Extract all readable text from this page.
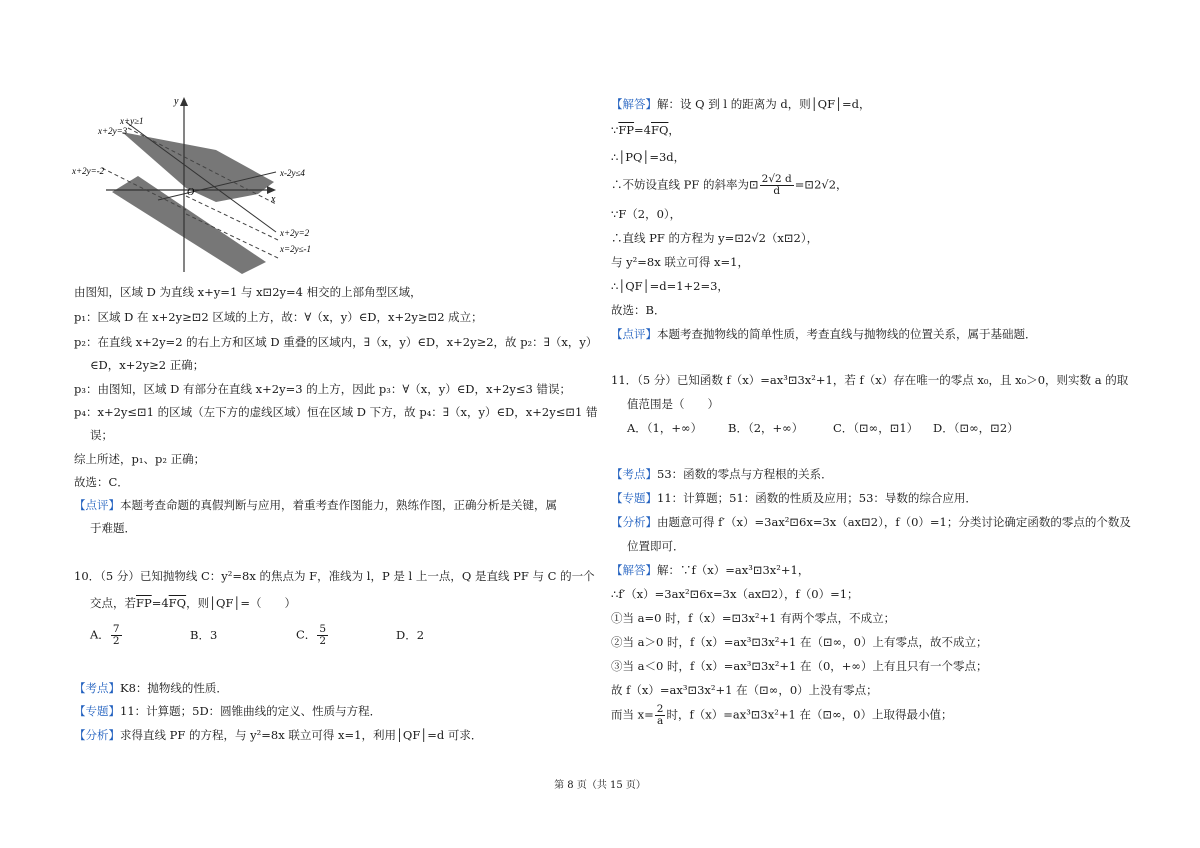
y
x
O
x+y≥1
x+2y=3
x+2y=-2	x-2y≤4
x+2y=2
x=2y≤-1
由图知，区域 D 为直线 x+y=1 与 x⊡2y=4 相交的上部角型区域，
p₁：区域 D 在 x+2y≥⊡2 区域的上方，故：∀（x，y）∈D，x+2y≥⊡2 成立；
p₂：在直线 x+2y=2 的右上方和区域 D 重叠的区域内，∃（x，y）∈D，x+2y≥2，故 p₂：∃（x，y）
∈D，x+2y≥2 正确；
p₃：由图知，区域 D 有部分在直线 x+2y=3 的上方，因此 p₃：∀（x，y）∈D，x+2y≤3 错误；
p₄：x+2y≤⊡1 的区域（左下方的虚线区域）恒在区域 D 下方，故 p₄：∃（x，y）∈D，x+2y≤⊡1 错
误；
综上所述，p₁、p₂ 正确；
故选：C．
【点评】本题考查命题的真假判断与应用，着重考查作图能力，熟练作图，正确分析是关键，属
于难题．
10．（5 分）已知抛物线 C：y²=8x 的焦点为 F，准线为 l，P 是 l 上一点，Q 是直线 PF 与 C 的一个
交点，若$\overline{FP}=4\overline{FQ}$，则│QF│=（　　）
A． $\frac{7}{2}$	B．3	C． $\frac{5}{2}$	D．2
【考点】K8：抛物线的性质．
【专题】11：计算题；5D：圆锥曲线的定义、性质与方程．
【分析】求得直线 PF 的方程，与 y²=8x 联立可得 x=1，利用│QF│=d 可求．
【解答】解：设 Q 到 l 的距离为 d，则│QF│=d，
$\because\overline{FP}=4\overline{FQ}$，
∴│PQ│=3d，
∴不妨设直线 PF 的斜率为⊡ $\frac{2√2 d}{d}$ =⊡2√2，
∵F（2，0），
∴直线 PF 的方程为 y=⊡2√2（x⊡2），
与 y²=8x 联立可得 x=1，
∴│QF│=d=1+2=3，
故选：B．
【点评】本题考查抛物线的简单性质，考查直线与抛物线的位置关系，属于基础题．
11．（5 分）已知函数 f（x）=ax³⊡3x²+1，若 f（x）存在唯一的零点 x₀，且 x₀＞0，则实数 a 的取
值范围是（　　）
A．（1，+∞） B．（2，+∞）	C．（⊡∞，⊡1） D．（⊡∞，⊡2）
【考点】53：函数的零点与方程根的关系．
【专题】11：计算题；51：函数的性质及应用；53：导数的综合应用．
【分析】由题意可得 f′（x）=3ax²⊡6x=3x（ax⊡2），f（0）=1；分类讨论确定函数的零点的个数及
位置即可．
【解答】解：∵f（x）=ax³⊡3x²+1，
∴f′（x）=3ax²⊡6x=3x（ax⊡2），f（0）=1；
①当 a=0 时，f（x）=⊡3x²+1 有两个零点，不成立；
②当 a＞0 时，f（x）=ax³⊡3x²+1 在（⊡∞，0）上有零点，故不成立；
③当 a＜0 时，f（x）=ax³⊡3x²+1 在（0，+∞）上有且只有一个零点；
故 f（x）=ax³⊡3x²+1 在（⊡∞，0）上没有零点；
而当 $x= \frac{2}{a}$ 时，f（x）=ax³⊡3x²+1 在（⊡∞，0）上取得最小值；
第 8 页（共 15 页）
